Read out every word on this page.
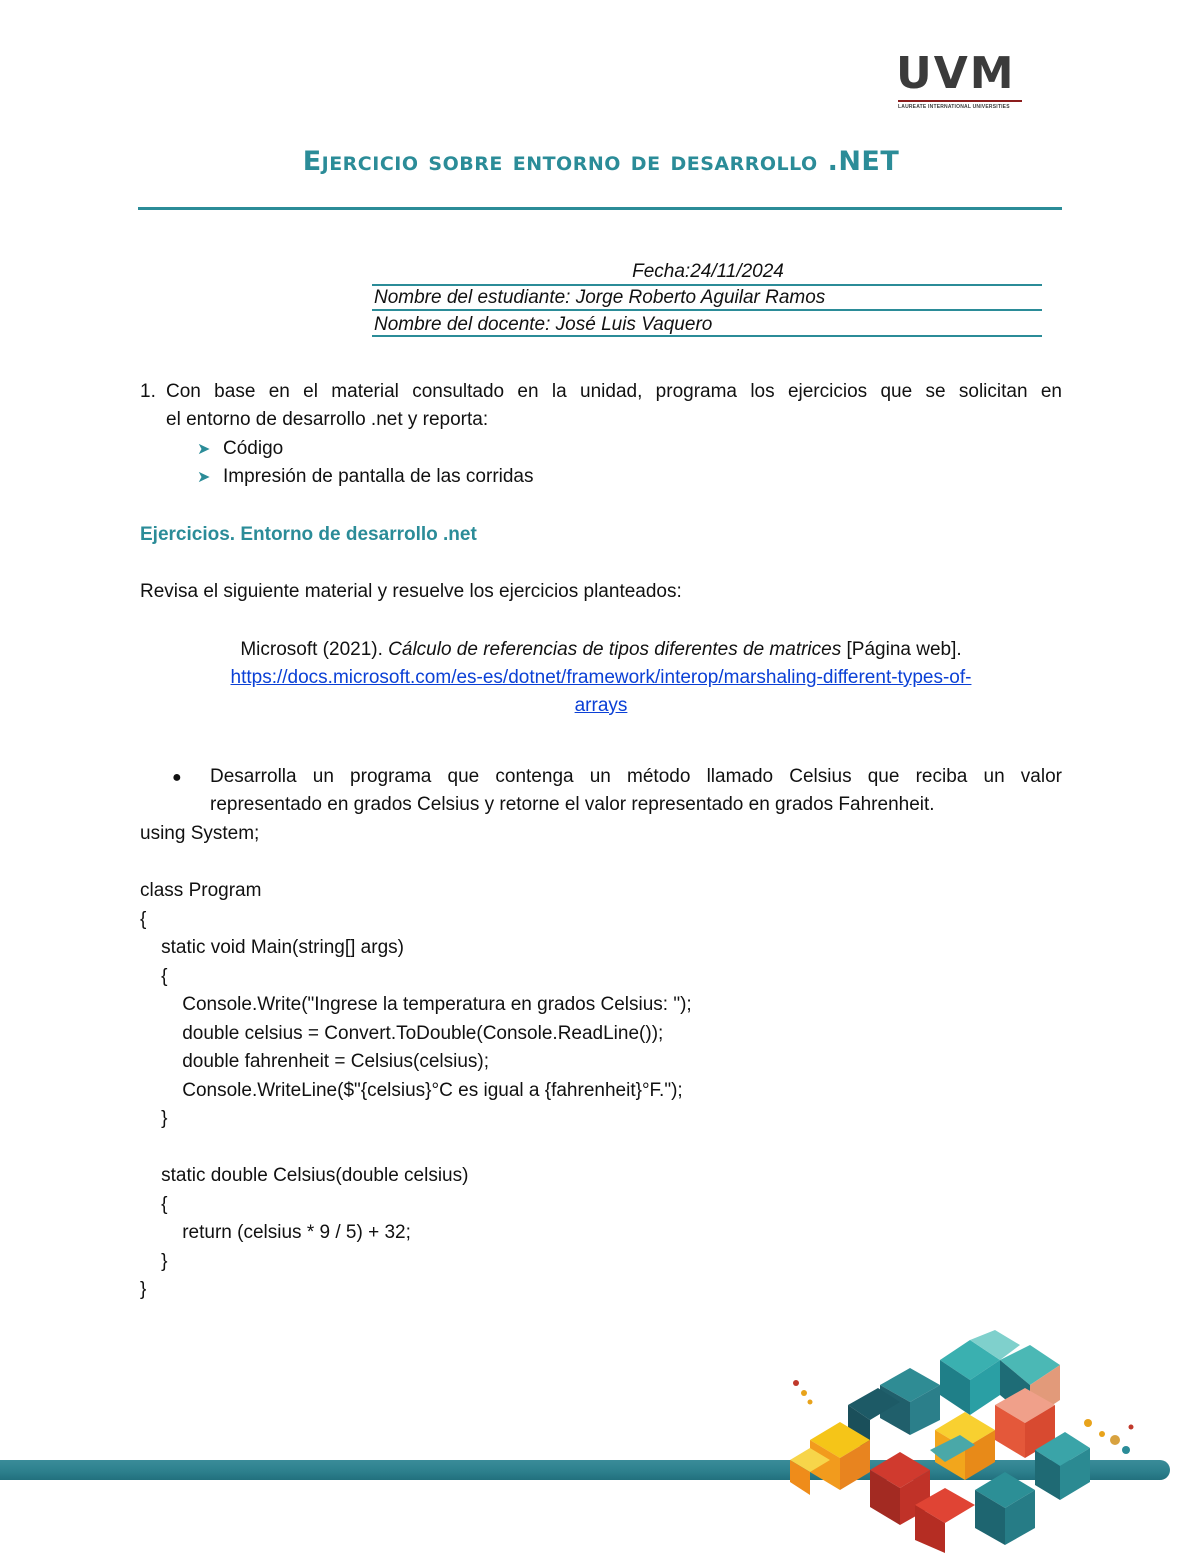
UVM
LAUREATE INTERNATIONAL UNIVERSITIES
Ejercicio sobre entorno de desarrollo .NET
Fecha:24/11/2024
Nombre del estudiante: Jorge Roberto Aguilar Ramos
Nombre del docente: José Luis Vaquero
1. Con base en el material consultado en la unidad, programa los ejercicios que se solicitan en
el entorno de desarrollo .net y reporta:
➤ Código
➤ Impresión de pantalla de las corridas
Ejercicios. Entorno de desarrollo .net
Revisa el siguiente material y resuelve los ejercicios planteados:
Microsoft (2021). Cálculo de referencias de tipos diferentes de matrices [Página web].
https://docs.microsoft.com/es-es/dotnet/framework/interop/marshaling-different-types-of-
arrays
● Desarrolla un programa que contenga un método llamado Celsius que reciba un valor
representado en grados Celsius y retorne el valor representado en grados Fahrenheit.
using System;
class Program
{
static void Main(string[] args)
{
Console.Write("Ingrese la temperatura en grados Celsius: ");
double celsius = Convert.ToDouble(Console.ReadLine());
double fahrenheit = Celsius(celsius);
Console.WriteLine($"{celsius}°C es igual a {fahrenheit}°F.");
}
static double Celsius(double celsius)
{
return (celsius * 9 / 5) + 32;
}
}
